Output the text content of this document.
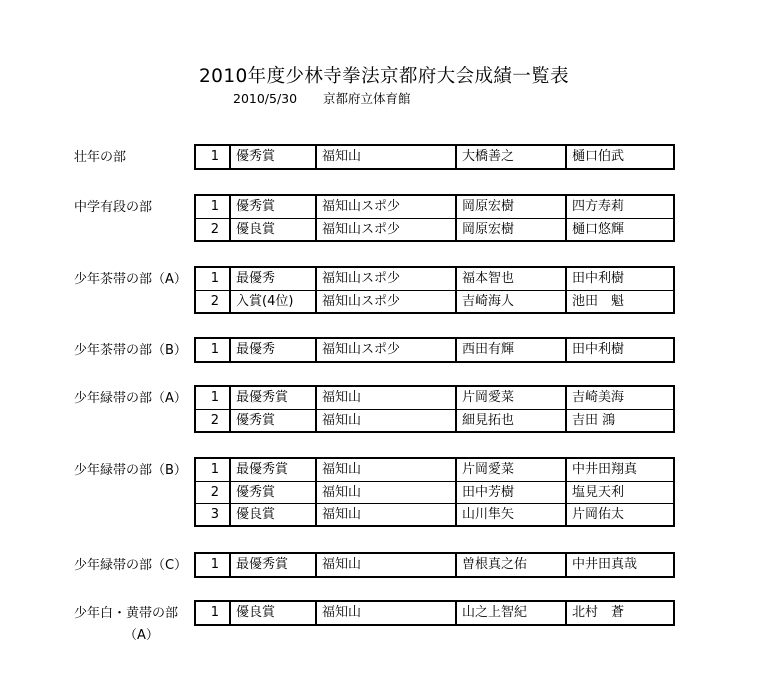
2010年度少林寺拳法京都府大会成績一覧表
2010/5/30 京都府立体育館
壮年の部	1	優秀賞	福知山	大橋善之	樋口伯武
中学有段の部	1	優秀賞	福知山スポ少	岡原宏樹	四方寿莉
2	優良賞	福知山スポ少	岡原宏樹	樋口悠輝
少年茶帯の部（A）	1	最優秀	福知山スポ少	福本智也	田中利樹
2	入賞(4位)	福知山スポ少	吉崎海人	池田　魁
少年茶帯の部（B）	1	最優秀	福知山スポ少	西田有輝	田中利樹
少年緑帯の部（A）	1	最優秀賞	福知山	片岡愛菜	吉崎美海
2	優秀賞	福知山	細見拓也	吉田 鴻
少年緑帯の部（B）	1	最優秀賞	福知山	片岡愛菜	中井田翔真
2	優秀賞	福知山	田中芳樹	塩見天利
3	優良賞	福知山	山川隼矢	片岡佑太
少年緑帯の部（C）	1	最優秀賞	福知山	曽根真之佑	中井田真哉
少年白・黄帯の部
（A）
1	優良賞	福知山	山之上智紀	北村　蒼
